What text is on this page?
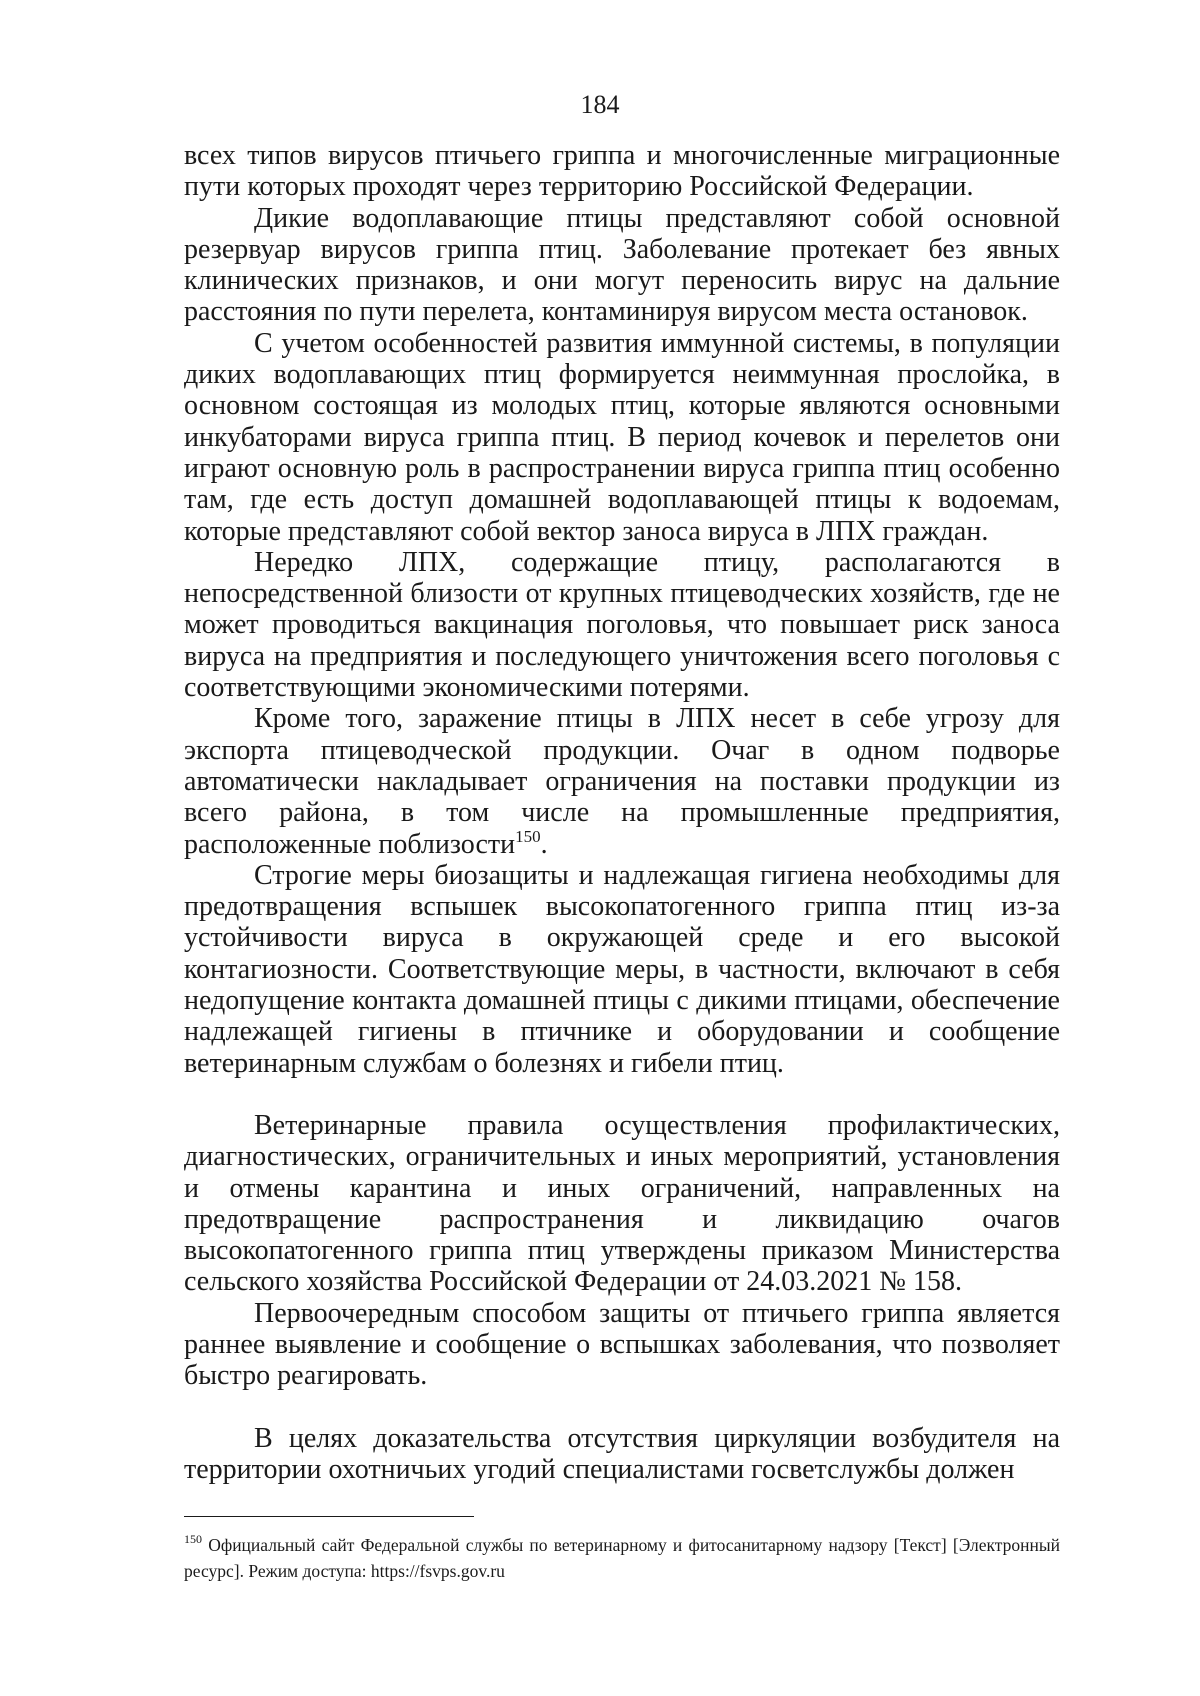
184

всех типов вирусов птичьего гриппа и многочисленные миграционные пути которых проходят через территорию Российской Федерации.

Дикие водоплавающие птицы представляют собой основной резервуар вирусов гриппа птиц. Заболевание протекает без явных клинических признаков, и они могут переносить вирус на дальние расстояния по пути перелета, контаминируя вирусом места остановок.

С учетом особенностей развития иммунной системы, в популяции диких водоплавающих птиц формируется неиммунная прослойка, в основном состоящая из молодых птиц, которые являются основными инкубаторами вируса гриппа птиц. В период кочевок и перелетов они играют основную роль в распространении вируса гриппа птиц особенно там, где есть доступ домашней водоплавающей птицы к водоемам, которые представляют собой вектор заноса вируса в ЛПХ граждан.

Нередко ЛПХ, содержащие птицу, располагаются в непосредственной близости от крупных птицеводческих хозяйств, где не может проводиться вакцинация поголовья, что повышает риск заноса вируса на предприятия и последующего уничтожения всего поголовья с соответствующими экономическими потерями.

Кроме того, заражение птицы в ЛПХ несет в себе угрозу для экспорта птицеводческой продукции. Очаг в одном подворье автоматически накладывает ограничения на поставки продукции из всего района, в том числе на промышленные предприятия, расположенные поблизости$^{150}$.

Строгие меры биозащиты и надлежащая гигиена необходимы для предотвращения вспышек высокопатогенного гриппа птиц из-за устойчивости вируса в окружающей среде и его высокой контагиозности. Соответствующие меры, в частности, включают в себя недопущение контакта домашней птицы с дикими птицами, обеспечение надлежащей гигиены в птичнике и оборудовании и сообщение ветеринарным службам о болезнях и гибели птиц.

Ветеринарные правила осуществления профилактических, диагностических, ограничительных и иных мероприятий, установления и отмены карантина и иных ограничений, направленных на предотвращение распространения и ликвидацию очагов высокопатогенного гриппа птиц утверждены приказом Министерства сельского хозяйства Российской Федерации от 24.03.2021 № 158.

Первоочередным способом защиты от птичьего гриппа является раннее выявление и сообщение о вспышках заболевания, что позволяет быстро реагировать.

В целях доказательства отсутствия циркуляции возбудителя на территории охотничьих угодий специалистами госветслужбы должен

$^{150}$ Официальный сайт Федеральной службы по ветеринарному и фитосанитарному надзору [Текст] [Электронный ресурс]. Режим доступа: https://fsvps.gov.ru
